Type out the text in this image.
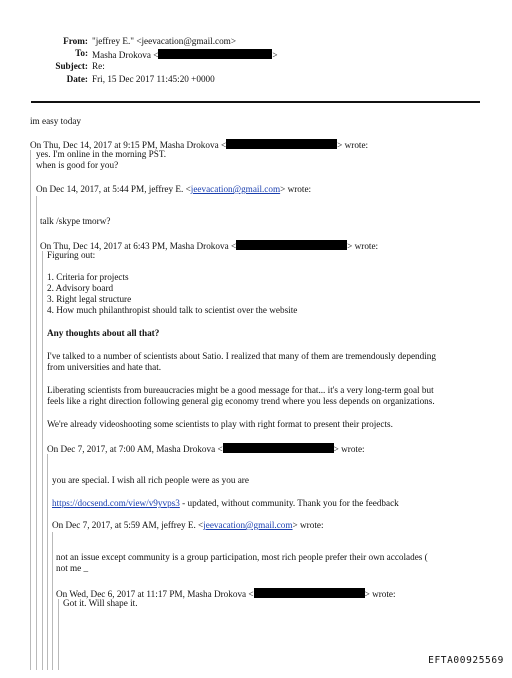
From: "jeffrey E." <jeevacation@gmail.com>
To: Masha Drokova <	>
Subject: Re:
Date: Fri, 15 Dec 2017 11:45:20 +0000
im easy today
On Thu, Dec 14, 2017 at 9:15 PM, Masha Drokova <	> wrote:
yes. I'm online in the morning PST.
when is good for you?
On Dec 14, 2017, at 5:44 PM, jeffrey E. <jeevacation@gmail.com> wrote:
talk /skype tmorw?
On Thu, Dec 14, 2017 at 6:43 PM, Masha Drokova <	> wrote:
Figuring out:
1. Criteria for projects
2. Advisory board
3. Right legal structure
4. How much philanthropist should talk to scientist over the website
Any thoughts about all that?
I've talked to a number of scientists about Satio. I realized that many of them are tremendously depending
from universities and hate that.
Liberating scientists from bureaucracies might be a good message for that... it's a very long-term goal but
feels like a right direction following general gig economy trend where you less depends on organizations.
We're already videoshooting some scientists to play with right format to present their projects.
On Dec 7, 2017, at 7:00 AM, Masha Drokova <	> wrote:
you are special. I wish all rich people were as you are
https://docsend.com/view/v9yvps3 - updated, without community. Thank you for the feedback
On Dec 7, 2017, at 5:59 AM, jeffrey E. <jeevacation@gmail.com> wrote:
not an issue except community is a group participation, most rich people prefer their own accolades (
not me _
On Wed, Dec 6, 2017 at 11:17 PM, Masha Drokova <	> wrote:
Got it. Will shape it.
EFTA00925569
